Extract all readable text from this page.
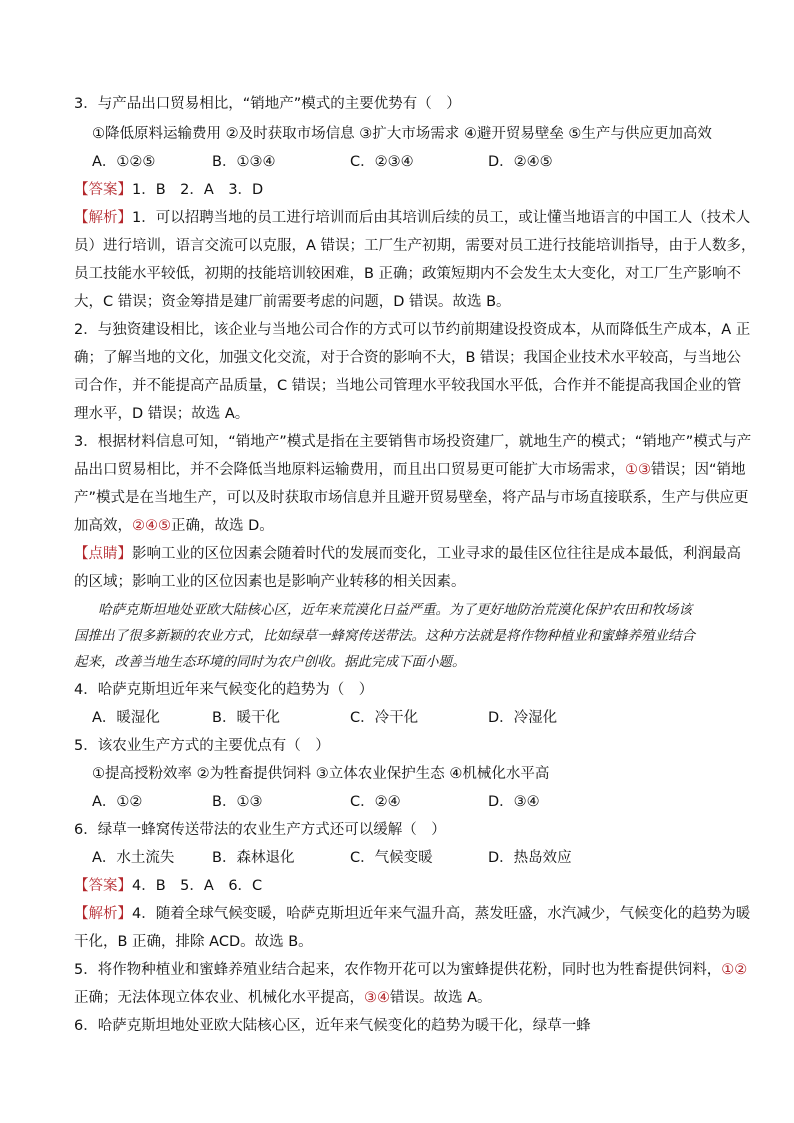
3．与产品出口贸易相比，“销地产”模式的主要优势有（　）
①降低原料运输费用 ②及时获取市场信息 ③扩大市场需求 ④避开贸易壁垒 ⑤生产与供应更加高效
A．①②⑤	B．①③④	C．②③④	D．②④⑤
【答案】1．B　2．A　3．D
【解析】1．可以招聘当地的员工进行培训而后由其培训后续的员工，或让懂当地语言的中国工人（技术人
员）进行培训，语言交流可以克服，A 错误；工厂生产初期，需要对员工进行技能培训指导，由于人数多，
员工技能水平较低，初期的技能培训较困难，B 正确；政策短期内不会发生太大变化，对工厂生产影响不
大，C 错误；资金筹措是建厂前需要考虑的问题，D 错误。故选 B。
2．与独资建设相比，该企业与当地公司合作的方式可以节约前期建设投资成本，从而降低生产成本，A 正
确；了解当地的文化，加强文化交流，对于合资的影响不大，B 错误；我国企业技术水平较高，与当地公
司合作，并不能提高产品质量，C 错误；当地公司管理水平较我国水平低，合作并不能提高我国企业的管
理水平，D 错误；故选 A。
3．根据材料信息可知，“销地产”模式是指在主要销售市场投资建厂，就地生产的模式；“销地产”模式与产
品出口贸易相比，并不会降低当地原料运输费用，而且出口贸易更可能扩大市场需求，①③错误；因“销地
产”模式是在当地生产，可以及时获取市场信息并且避开贸易壁垒，将产品与市场直接联系，生产与供应更
加高效，②④⑤正确，故选 D。
【点睛】影响工业的区位因素会随着时代的发展而变化，工业寻求的最佳区位往往是成本最低，利润最高
的区域；影响工业的区位因素也是影响产业转移的相关因素。
哈萨克斯坦地处亚欧大陆核心区，近年来荒漠化日益严重。为了更好地防治荒漠化保护农田和牧场该
国推出了很多新颖的农业方式，比如绿草一蜂窝传送带法。这种方法就是将作物种植业和蜜蜂养殖业结合
起来，改善当地生态环境的同时为农户创收。据此完成下面小题。
4．哈萨克斯坦近年来气候变化的趋势为（　）
A．暖湿化	B．暖干化	C．冷干化	D．冷湿化
5．该农业生产方式的主要优点有（　）
①提高授粉效率 ②为牲畜提供饲料 ③立体农业保护生态 ④机械化水平高
A．①②	B．①③	C．②④	D．③④
6．绿草一蜂窝传送带法的农业生产方式还可以缓解（　）
A．水土流失	B．森林退化	C．气候变暖	D．热岛效应
【答案】4．B　5．A　6．C
【解析】4．随着全球气候变暖，哈萨克斯坦近年来气温升高，蒸发旺盛，水汽减少，气候变化的趋势为暖
干化，B 正确，排除 ACD。故选 B。
5．将作物种植业和蜜蜂养殖业结合起来，农作物开花可以为蜜蜂提供花粉，同时也为牲畜提供饲料，①②
正确；无法体现立体农业、机械化水平提高，③④错误。故选 A。
6．哈萨克斯坦地处亚欧大陆核心区，近年来气候变化的趋势为暖干化，绿草一蜂
